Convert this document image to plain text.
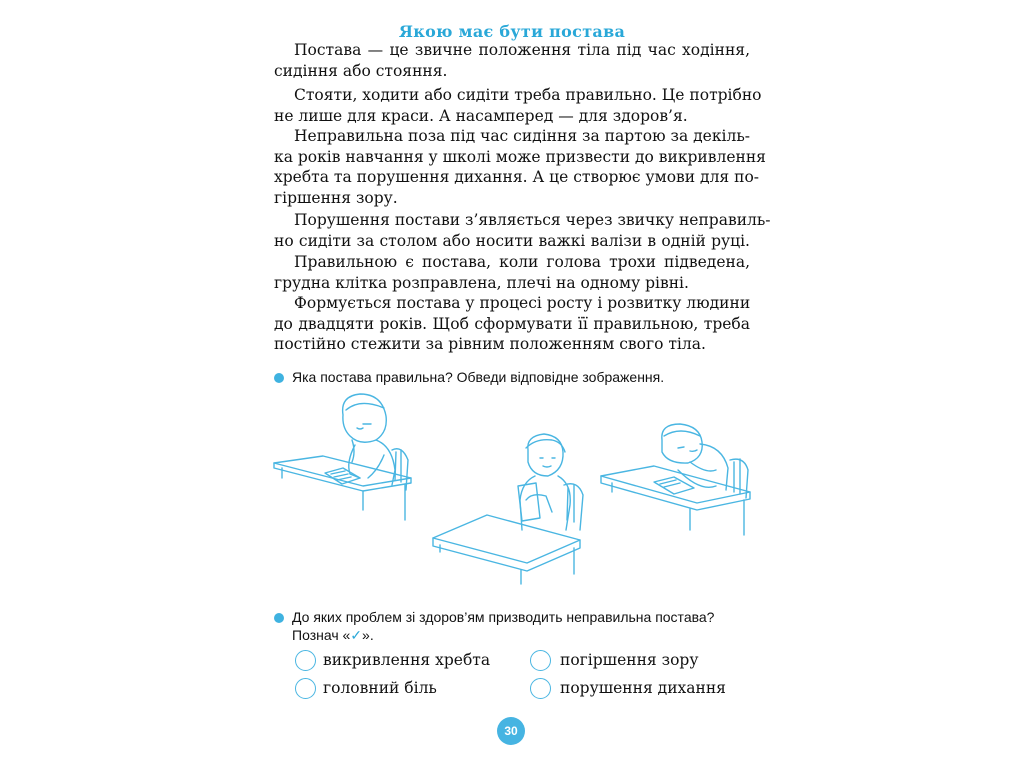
Якою має бути постава
Постава — це звичне положення тіла під час ходіння,
сидіння або стояння.
Стояти, ходити або сидіти треба правильно. Це потрібно
не лише для краси. А насамперед — для здоров’я.
Неправильна поза під час сидіння за партою за декіль-
ка років навчання у школі може призвести до викривлення
хребта та порушення дихання. А це створює умови для по-
гіршення зору.
Порушення постави з’являється через звичку неправиль-
но сидіти за столом або носити важкі валізи в одній руці.
Правильною є постава, коли голова трохи підведена,
грудна клітка розправлена, плечі на одному рівні.
Формується постава у процесі росту і розвитку людини
до двадцяти років. Щоб сформувати її правильною, треба
постійно стежити за рівним положенням свого тіла.
Яка постава правильна? Обведи відповідне зображення.
До яких проблем зі здоров’ям призводить неправильна постава?
Познач «✓».
викривлення хребта	погіршення зору
головний біль	порушення дихання
30
